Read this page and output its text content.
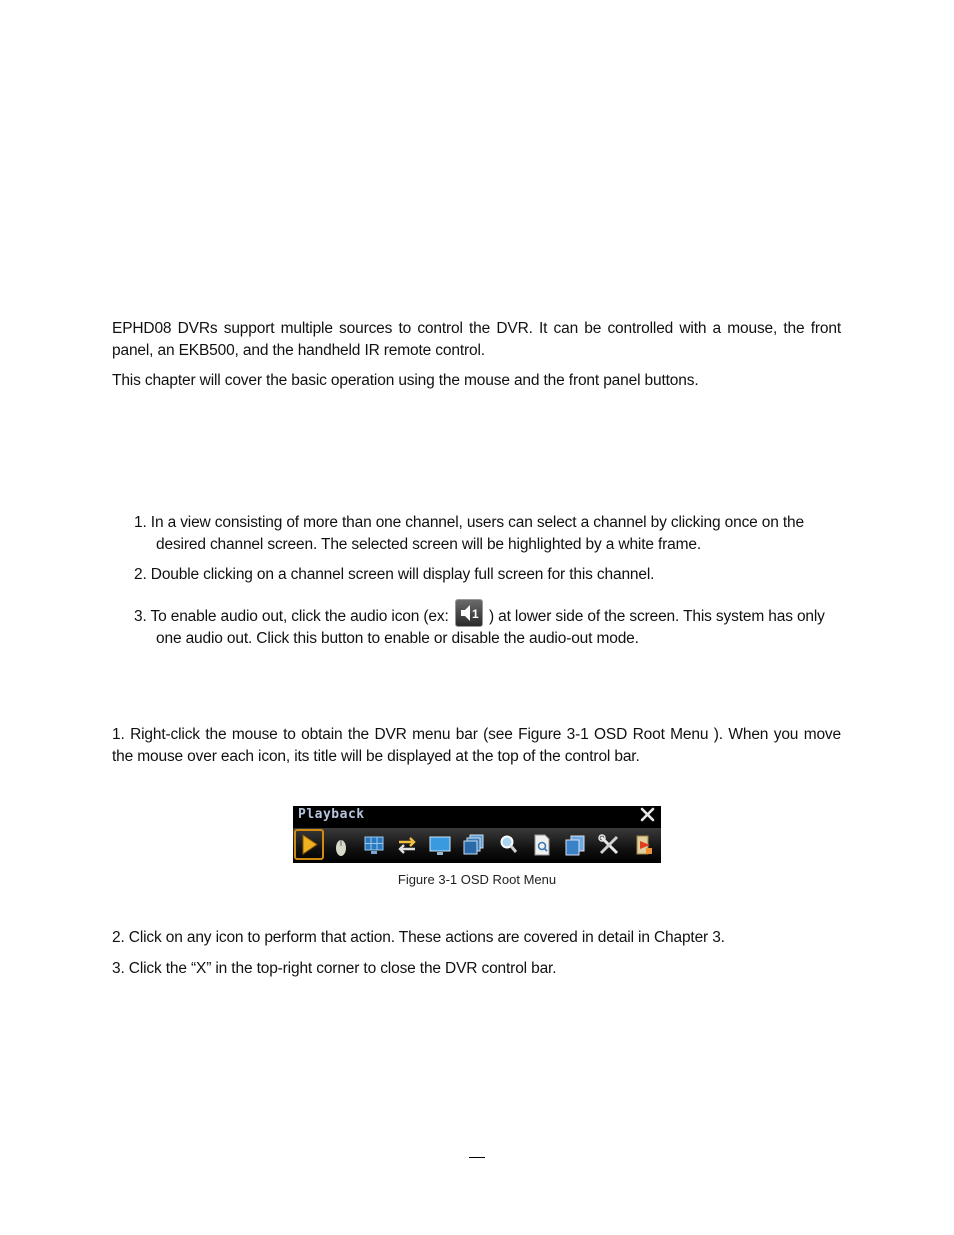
EPHD08 DVRs support multiple sources to control the DVR. It can be controlled with a mouse, the front panel, an EKB500, and the handheld IR remote control.

This chapter will cover the basic operation using the mouse and the front panel buttons.

1. In a view consisting of more than one channel, users can select a channel by clicking once on the
desired channel screen. The selected screen will be highlighted by a white frame.

2. Double clicking on a channel screen will display full screen for this channel.

3. To enable audio out, click the audio icon (ex: 1 ) at lower side of the screen. This system has only
one audio out. Click this button to enable or disable the audio-out mode.

1. Right-click the mouse to obtain the DVR menu bar (see Figure 3-1 OSD Root Menu ). When you move the mouse over each icon, its title will be displayed at the top of the control bar.

Playback
Figure 3-1 OSD Root Menu

2. Click on any icon to perform that action. These actions are covered in detail in Chapter 3.

3. Click the “X” in the top-right corner to close the DVR control bar.
